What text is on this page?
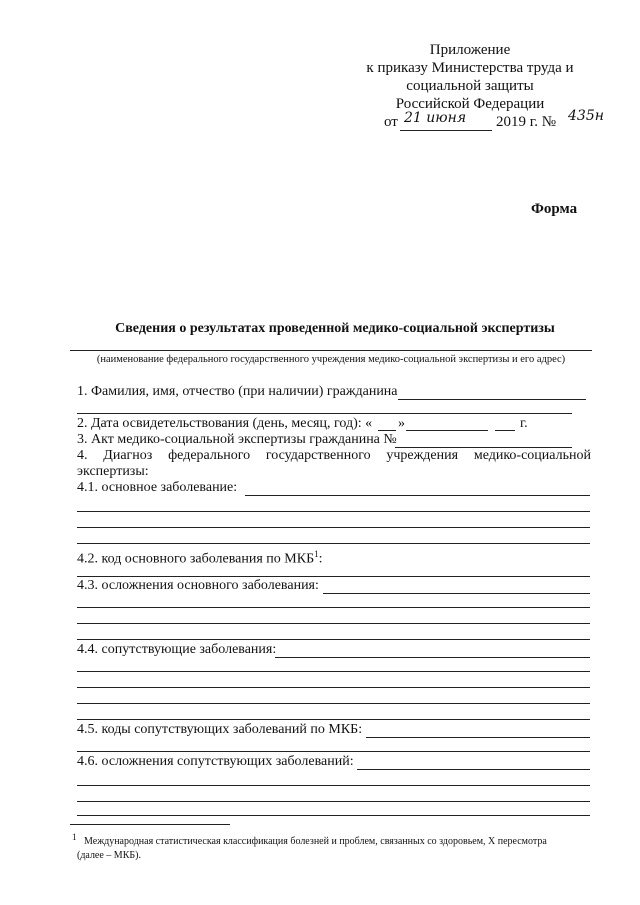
Приложение
к приказу Министерства труда и
социальной защиты
Российской Федерации
от 21 июня 2019 г. № 435н
Форма
Сведения о результатах проведенной медико-социальной экспертизы
(наименование федерального государственного учреждения медико-социальной экспертизы и его адрес)
1. Фамилия, имя, отчество (при наличии) гражданина
2. Дата освидетельствования (день, месяц, год): « »	г.
3. Акт медико-социальной экспертизы гражданина №
4. Диагноз федерального государственного учреждения медико-социальной
экспертизы:
4.1. основное заболевание:
4.2. код основного заболевания по МКБ$^1$:
4.3. осложнения основного заболевания:
4.4. сопутствующие заболевания:
4.5. коды сопутствующих заболеваний по МКБ:
4.6. осложнения сопутствующих заболеваний:
1 Международная статистическая классификация болезней и проблем, связанных со здоровьем, X пересмотра
(далее – МКБ).
